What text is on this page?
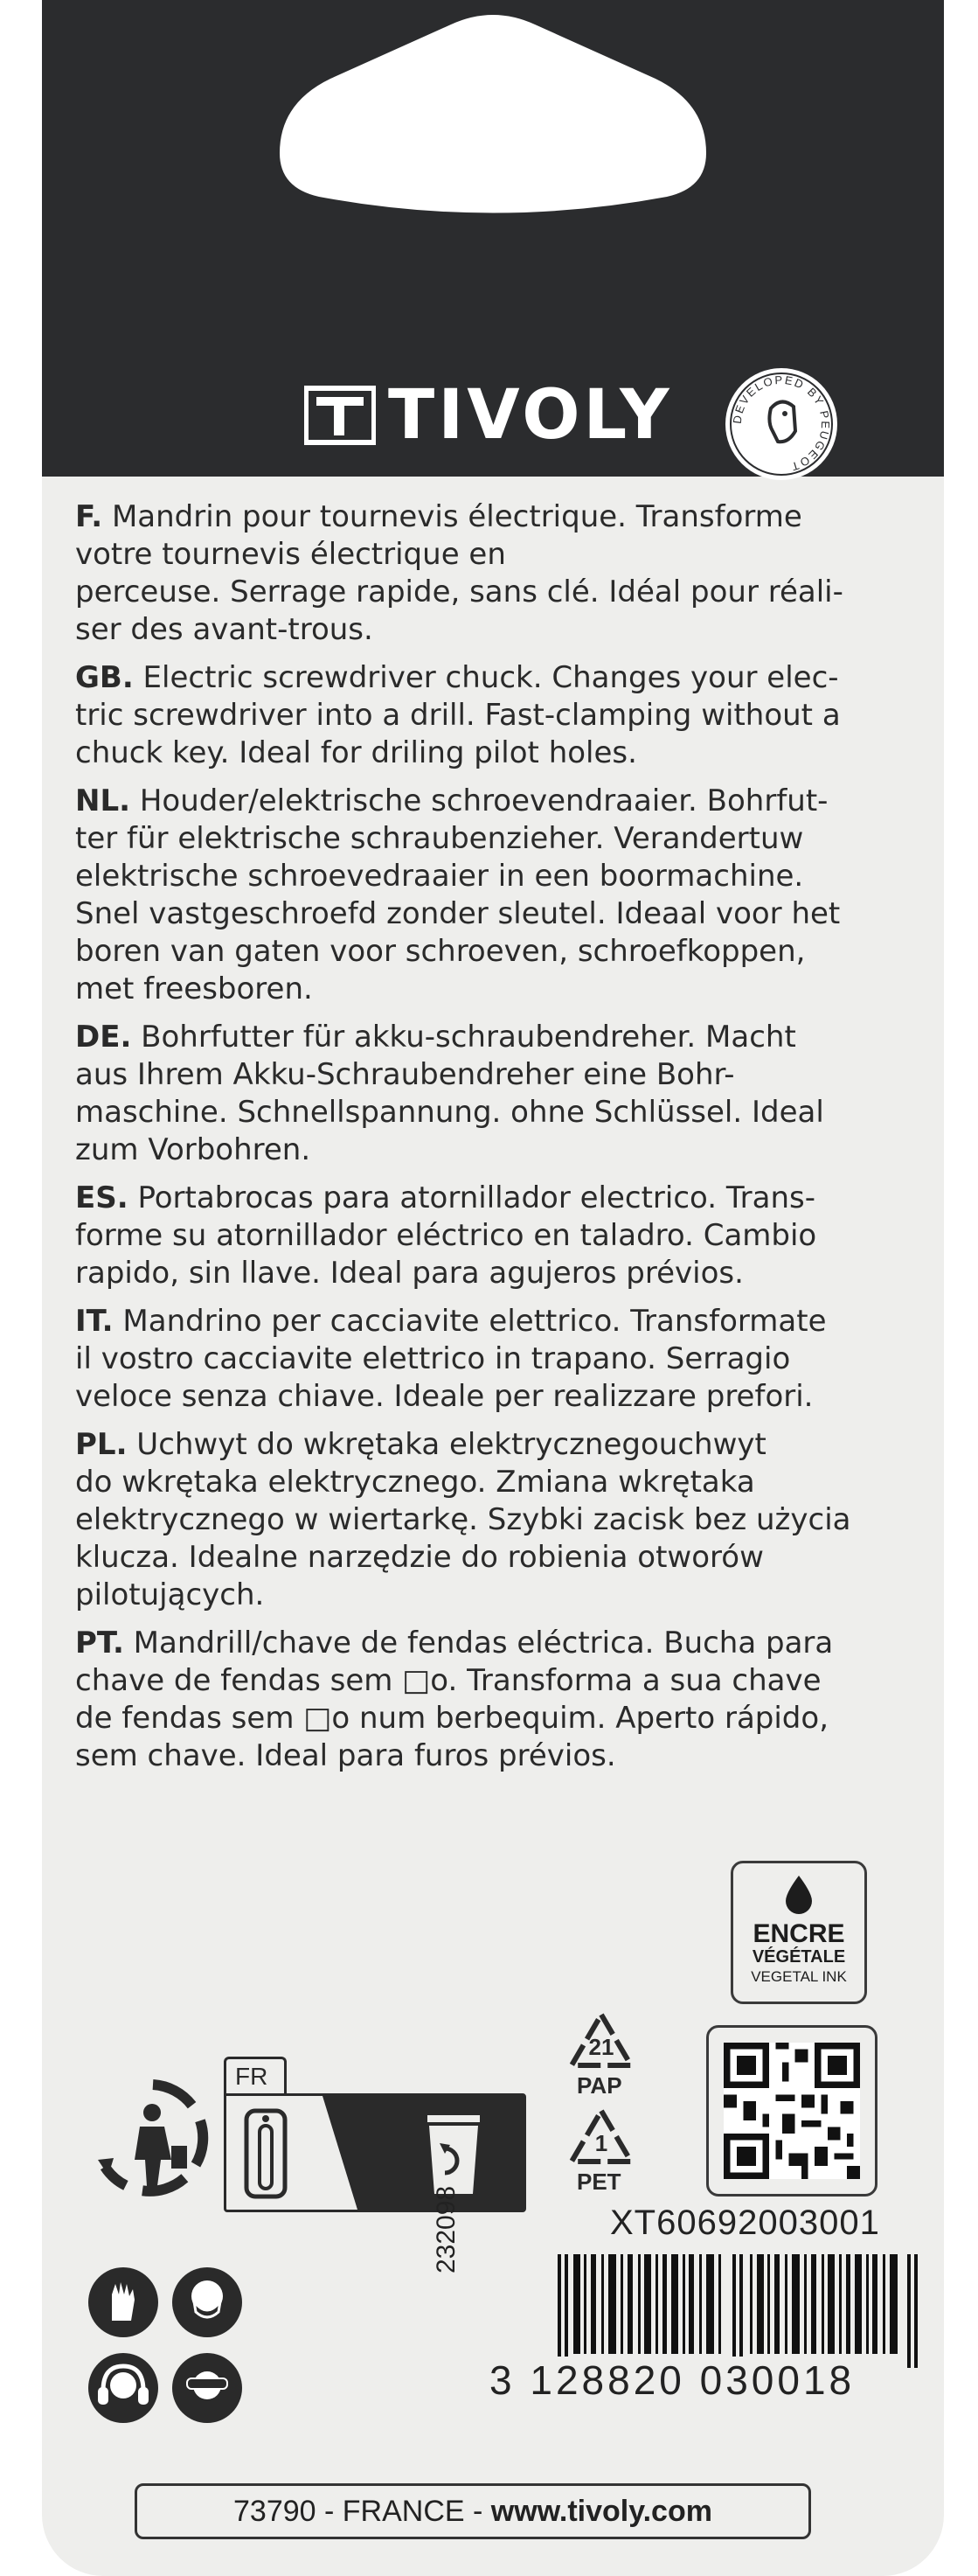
TIVOLY	DEVELOPED BY PEUGEOT

F. Mandrin pour tournevis électrique. Transforme
votre tournevis électrique en
perceuse. Serrage rapide, sans clé. Idéal pour réali-
ser des avant-trous.

GB. Electric screwdriver chuck. Changes your elec-
tric screwdriver into a drill. Fast-clamping without a
chuck key. Ideal for driling pilot holes.

NL. Houder/elektrische schroevendraaier. Bohrfut-
ter für elektrische schraubenzieher. Verandertuw
elektrische schroevedraaier in een boormachine.
Snel vastgeschroefd zonder sleutel. Ideaal voor het
boren van gaten voor schroeven, schroefkoppen,
met freesboren.

DE. Bohrfutter für akku-schraubendreher. Macht
aus Ihrem Akku-Schraubendreher eine Bohr-
maschine. Schnellspannung. ohne Schlüssel. Ideal
zum Vorbohren.

ES. Portabrocas para atornillador electrico. Trans-
forme su atornillador eléctrico en taladro. Cambio
rapido, sin llave. Ideal para agujeros prévios.

IT. Mandrino per cacciavite elettrico. Transformate
il vostro cacciavite elettrico in trapano. Serragio
veloce senza chiave. Ideale per realizzare prefori.

PL. Uchwyt do wkrętaka elektrycznegouchwyt
do wkrętaka elektrycznego. Zmiana wkrętaka
elektrycznego w wiertarkę. Szybki zacisk bez użycia
klucza. Idealne narzędzie do robienia otworów
pilotujących.

PT. Mandrill/chave de fendas eléctrica. Bucha para
chave de fendas sem □o. Transforma a sua chave
de fendas sem □o num berbequim. Aperto rápido,
sem chave. Ideal para furos prévios.

ENCRE
VÉGÉTALE
VEGETAL INK
FR
21
PAP
1
PET
232098	XT60692003001
3 128820 030018
73790 - FRANCE - www.tivoly.com
